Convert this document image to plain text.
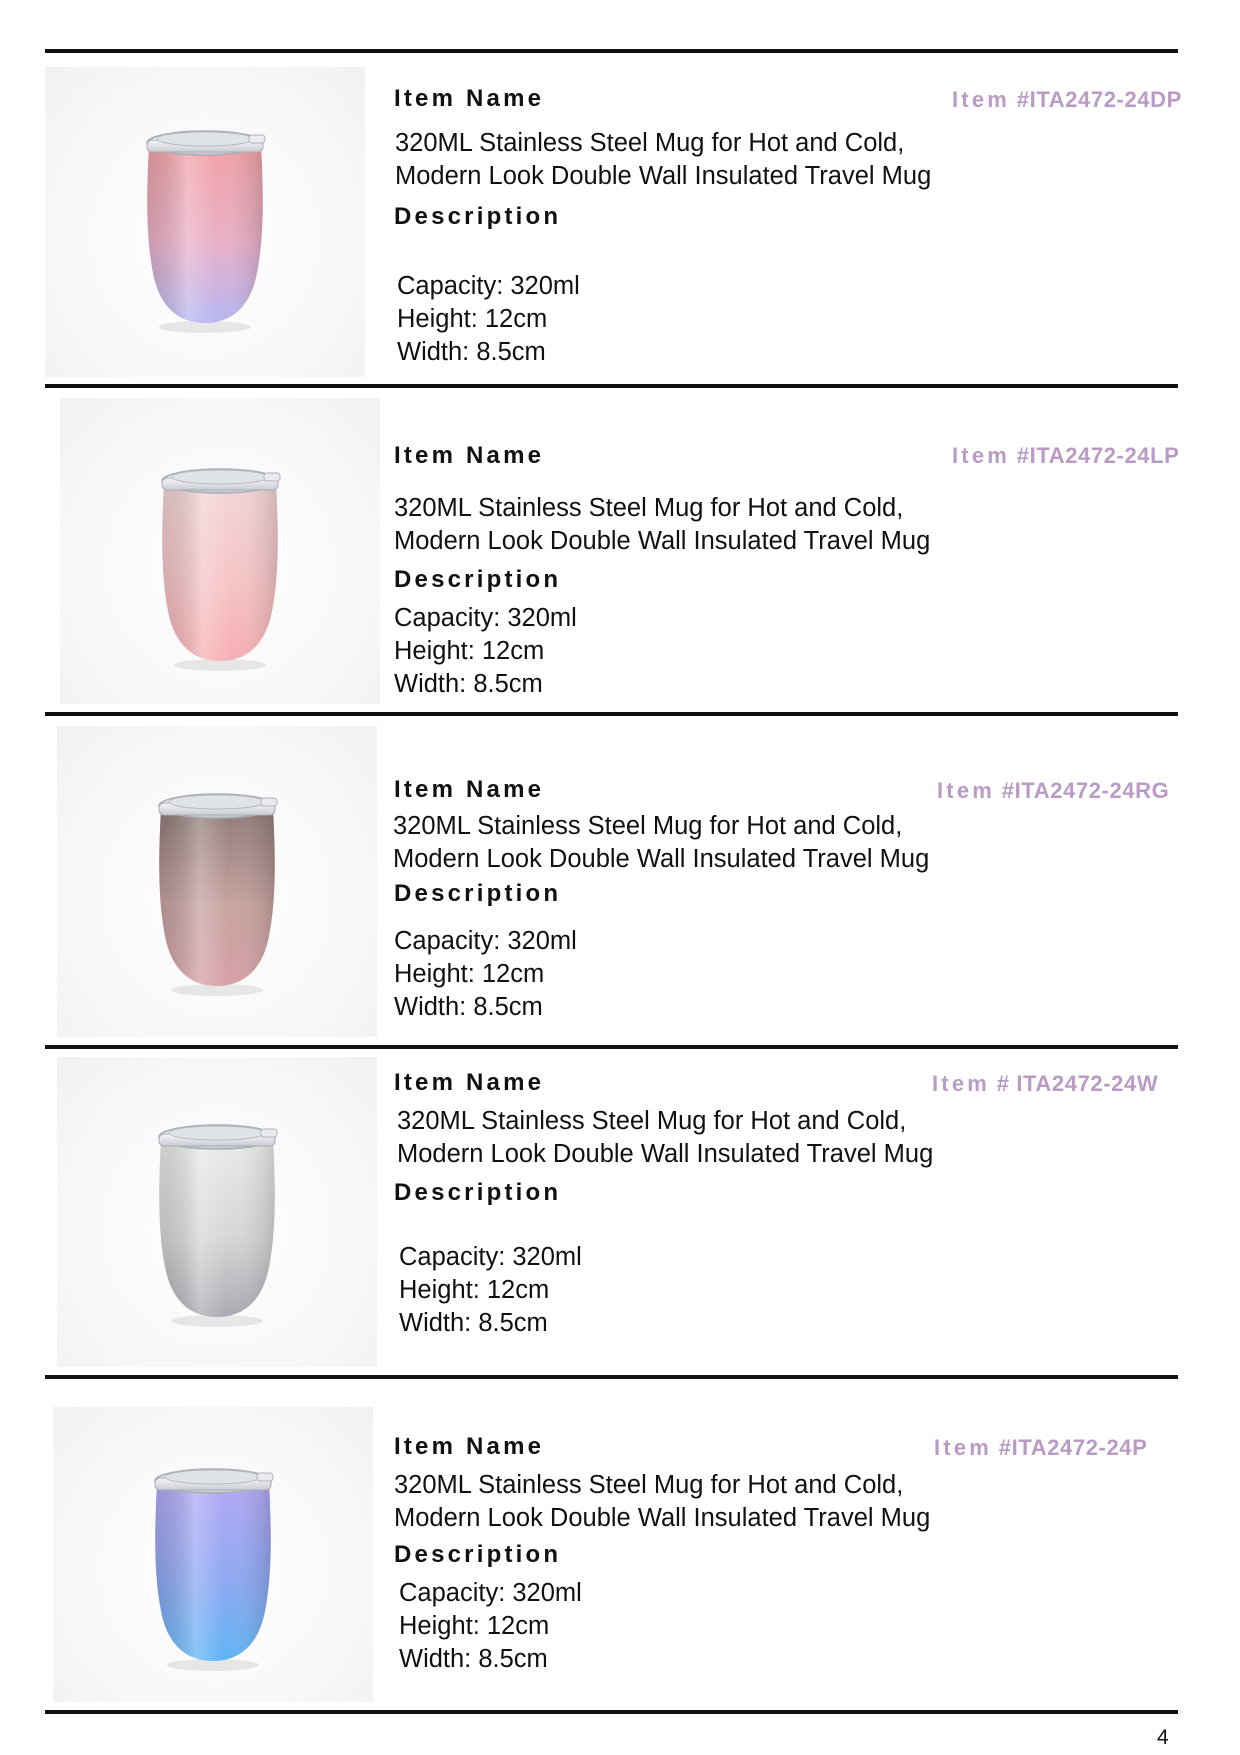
Item Name	Item #ITA2472-24DP
320ML Stainless Steel Mug for Hot and Cold,
Modern Look Double Wall Insulated Travel Mug
Description
Capacity: 320ml
Height: 12cm
Width: 8.5cm
Item Name	Item #ITA2472-24LP
320ML Stainless Steel Mug for Hot and Cold,
Modern Look Double Wall Insulated Travel Mug
Description
Capacity: 320ml
Height: 12cm
Width: 8.5cm
Item Name	Item #ITA2472-24RG
320ML Stainless Steel Mug for Hot and Cold,
Modern Look Double Wall Insulated Travel Mug
Description
Capacity: 320ml
Height: 12cm
Width: 8.5cm
Item Name	Item # ITA2472-24W
320ML Stainless Steel Mug for Hot and Cold,
Modern Look Double Wall Insulated Travel Mug
Description
Capacity: 320ml
Height: 12cm
Width: 8.5cm
Item Name	Item #ITA2472-24P
320ML Stainless Steel Mug for Hot and Cold,
Modern Look Double Wall Insulated Travel Mug
Description
Capacity: 320ml
Height: 12cm
Width: 8.5cm
4
